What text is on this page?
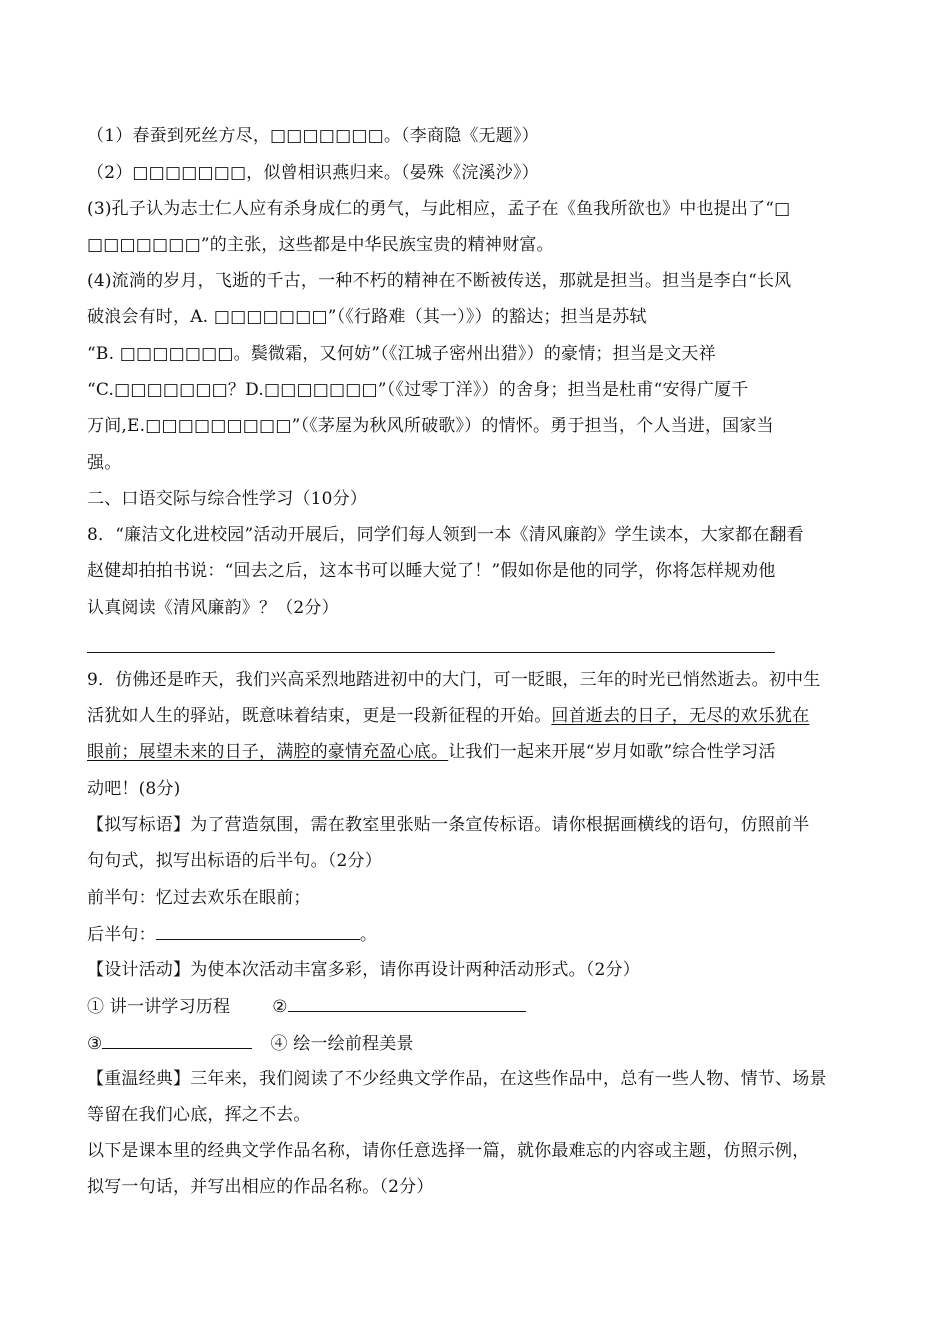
（1）春蚕到死丝方尽，□□□□□□□。（李商隐《无题》）
（2）□□□□□□□，似曾相识燕归来。（晏殊《浣溪沙》）
(3)孔子认为志士仁人应有杀身成仁的勇气，与此相应，孟子在《鱼我所欲也》中也提出了“□
□□□□□□□”的主张，这些都是中华民族宝贵的精神财富。
(4)流淌的岁月，飞逝的千古，一种不朽的精神在不断被传送，那就是担当。担当是李白“长风
破浪会有时，A. □□□□□□□”（《行路难（其一）》）的豁达；担当是苏轼
“B. □□□□□□□。鬓微霜，又何妨”（《江城子密州出猎》）的豪情；担当是文天祥
“C.□□□□□□□？D.□□□□□□□”（《过零丁洋》）的舍身；担当是杜甫“安得广厦千
万间,E.□□□□□□□□□”（《茅屋为秋风所破歌》）的情怀。勇于担当，个人当进，国家当
强。
二、口语交际与综合性学习（10分）
8．“廉洁文化进校园”活动开展后，同学们每人领到一本《清风廉韵》学生读本，大家都在翻看
赵健却拍拍书说：“回去之后，这本书可以睡大觉了！”假如你是他的同学，你将怎样规劝他
认真阅读《清风廉韵》？（2分）
9．仿佛还是昨天，我们兴高采烈地踏进初中的大门，可一眨眼，三年的时光已悄然逝去。初中生
活犹如人生的驿站，既意味着结束，更是一段新征程的开始。回首逝去的日子，无尽的欢乐犹在
眼前；展望未来的日子，满腔的豪情充盈心底。让我们一起来开展“岁月如歌”综合性学习活
动吧！(8分)
【拟写标语】为了营造氛围，需在教室里张贴一条宣传标语。请你根据画横线的语句，仿照前半
句句式，拟写出标语的后半句。（2分）
前半句：忆过去欢乐在眼前；
后半句：	。
【设计活动】为使本次活动丰富多彩，请你再设计两种活动形式。（2分）
① 讲一讲学习历程 ②
③	④ 绘一绘前程美景
【重温经典】三年来，我们阅读了不少经典文学作品，在这些作品中，总有一些人物、情节、场景
等留在我们心底，挥之不去。
以下是课本里的经典文学作品名称，请你任意选择一篇，就你最难忘的内容或主题，仿照示例，
拟写一句话，并写出相应的作品名称。（2分）
